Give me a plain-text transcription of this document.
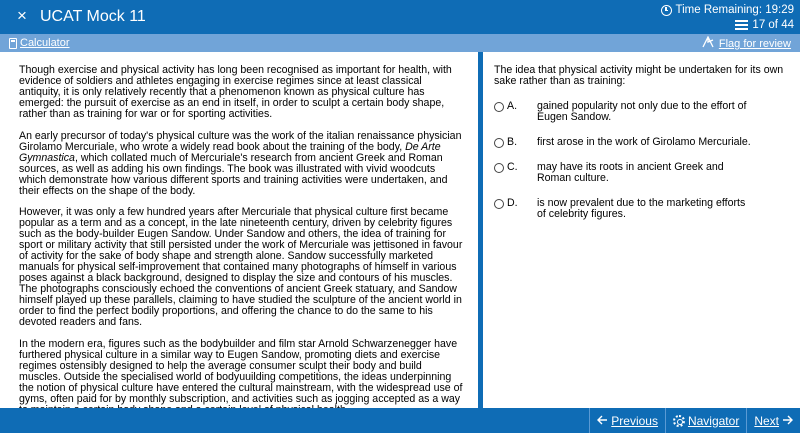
× UCAT Mock 11	Time Remaining: 19:29
17 of 44
Calculator	Flag for review

Though exercise and physical activity has long been recognised as important for health, with evidence of soldiers and athletes engaging in exercise regimes since at least classical antiquity, it is only relatively recently that a phenomenon known as physical culture has emerged: the pursuit of exercise as an end in itself, in order to sculpt a certain body shape, rather than as training for war or for sporting activities.

An early precursor of today's physical culture was the work of the italian renaissance physician Girolamo Mercuriale, who wrote a widely read book about the training of the body, De Arte Gymnastica, which collated much of Mercuriale's research from ancient Greek and Roman sources, as well as adding his own findings. The book was illustrated with vivid woodcuts which demonstrate how various different sports and training activities were undertaken, and their effects on the shape of the body.

However, it was only a few hundred years after Mercuriale that physical culture first became popular as a term and as a concept, in the late nineteenth century, driven by celebrity figures such as the body-builder Eugen Sandow. Under Sandow and others, the idea of training for sport or military activity that still persisted under the work of Mercuriale was jettisoned in favour of activity for the sake of body shape and strength alone. Sandow successfully marketed manuals for physical self-improvement that contained many photographs of himself in various poses against a black background, designed to display the size and contours of his muscles. The photographs consciously echoed the conventions of ancient Greek statuary, and Sandow himself played up these parallels, claiming to have studied the sculpture of the ancient world in order to find the perfect bodily proportions, and offering the chance to do the same to his devoted readers and fans.

In the modern era, figures such as the bodybuilder and film star Arnold Schwarzenegger have furthered physical culture in a similar way to Eugen Sandow, promoting diets and exercise regimes ostensibly designed to help the average consumer sculpt their body and build muscles. Outside the specialised world of bodyuuilding competitions, the ideas underpinning the notion of physical culture have entered the cultural mainstream, with the widespread use of gyms, often paid for by monthly subscription, and activities such as jogging accepted as a way

The idea that physical activity might be undertaken for its own sake rather than as training:
A.	gained popularity not only due to the effort of Eugen Sandow.
B.	first arose in the work of Girolamo Mercuriale.
C.	may have its roots in ancient Greek and Roman culture.
D.	is now prevalent due to the marketing efforts of celebrity figures.
Previous	Navigator Next
